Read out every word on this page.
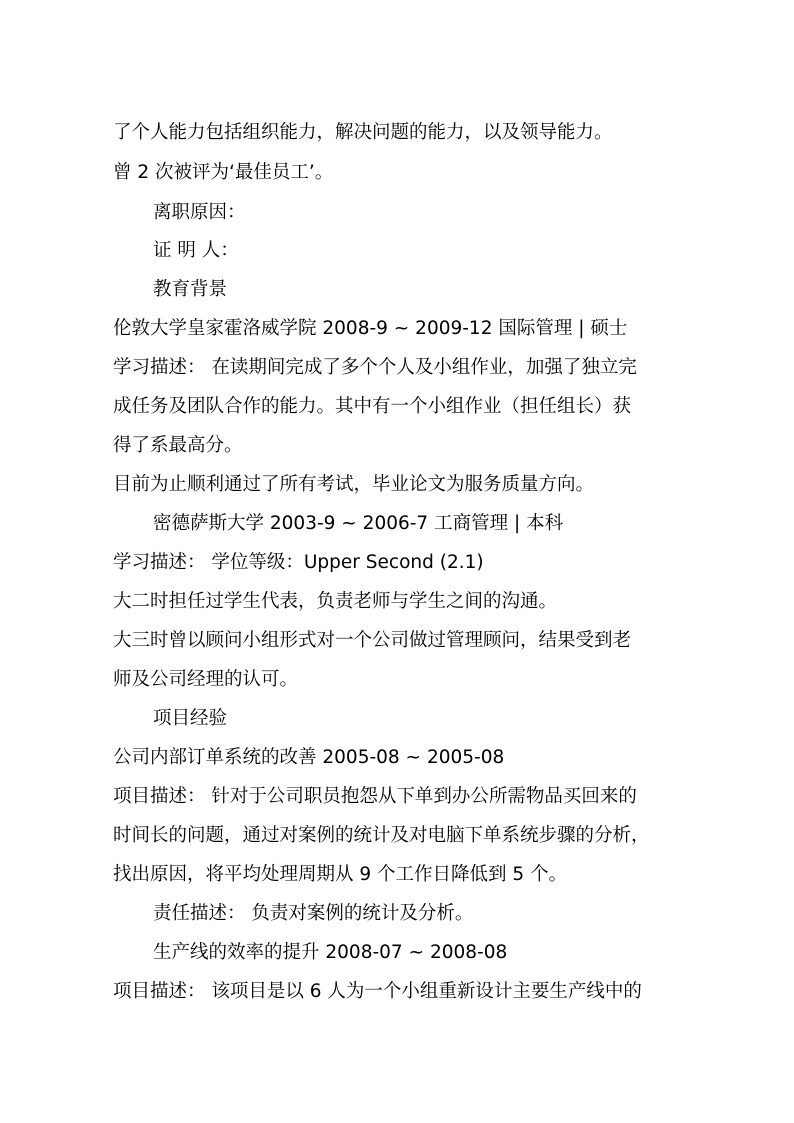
了个人能力包括组织能力，解决问题的能力，以及领导能力。
曾 2 次被评为‘最佳员工’。
离职原因：
证 明 人：
教育背景
伦敦大学皇家霍洛威学院 2008-9 ~ 2009-12 国际管理 | 硕士
学习描述： 在读期间完成了多个个人及小组作业，加强了独立完
成任务及团队合作的能力。其中有一个小组作业（担任组长）获
得了系最高分。
目前为止顺利通过了所有考试，毕业论文为服务质量方向。
密德萨斯大学 2003-9 ~ 2006-7 工商管理 | 本科
学习描述： 学位等级：Upper Second (2.1)
大二时担任过学生代表，负责老师与学生之间的沟通。
大三时曾以顾问小组形式对一个公司做过管理顾问，结果受到老
师及公司经理的认可。
项目经验
公司内部订单系统的改善 2005-08 ~ 2005-08
项目描述： 针对于公司职员抱怨从下单到办公所需物品买回来的
时间长的问题，通过对案例的统计及对电脑下单系统步骤的分析，
找出原因，将平均处理周期从 9 个工作日降低到 5 个。
责任描述： 负责对案例的统计及分析。
生产线的效率的提升 2008-07 ~ 2008-08
项目描述： 该项目是以 6 人为一个小组重新设计主要生产线中的
